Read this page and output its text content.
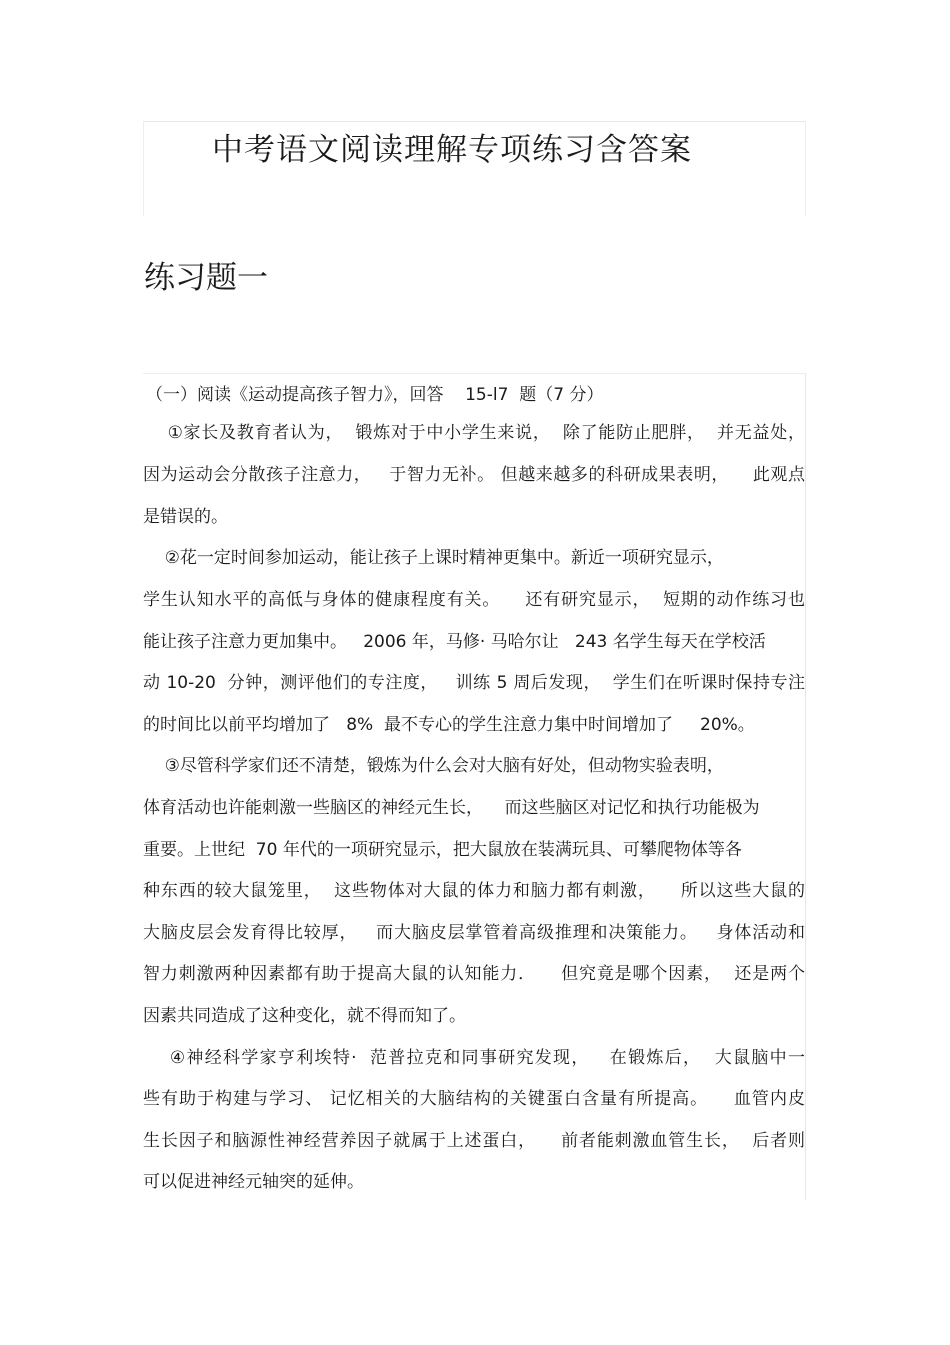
中考语文阅读理解专项练习含答案
练习题一
（一）阅读《运动提高孩子智力》，回答    15-l7  题（7 分）
①家长及教育者认为，  锻炼对于中小学生来说，  除了能防止肥胖，  并无益处，
因为运动会分散孩子注意力，   于智力无补。 但越来越多的科研成果表明，    此观点
是错误的。
②花一定时间参加运动，能让孩子上课时精神更集中。新近一项研究显示，
学生认知水平的高低与身体的健康程度有关。    还有研究显示，  短期的动作练习也
能让孩子注意力更加集中。   2006 年，马修· 马哈尔让   243 名学生每天在学校活
动 10-20  分钟，测评他们的专注度，   训练 5 周后发现，  学生们在听课时保持专注
的时间比以前平均增加了   8%  最不专心的学生注意力集中时间增加了     20%。
③尽管科学家们还不清楚，锻炼为什么会对大脑有好处，但动物实验表明，
体育活动也许能刺激一些脑区的神经元生长，    而这些脑区对记忆和执行功能极为
重要。上世纪  70 年代的一项研究显示，把大鼠放在装满玩具、可攀爬物体等各
种东西的较大鼠笼里，  这些物体对大鼠的体力和脑力都有刺激，    所以这些大鼠的
大脑皮层会发育得比较厚，   而大脑皮层掌管着高级推理和决策能力。   身体活动和
智力刺激两种因素都有助于提高大鼠的认知能力．    但究竟是哪个因素，  还是两个
因素共同造成了这种变化，就不得而知了。
④神经科学家亨利埃特·  范普拉克和同事研究发现，   在锻炼后，  大鼠脑中一
些有助于构建与学习、 记忆相关的大脑结构的关键蛋白含量有所提高。    血管内皮
生长因子和脑源性神经营养因子就属于上述蛋白，    前者能刺激血管生长，  后者则
可以促进神经元轴突的延伸。
